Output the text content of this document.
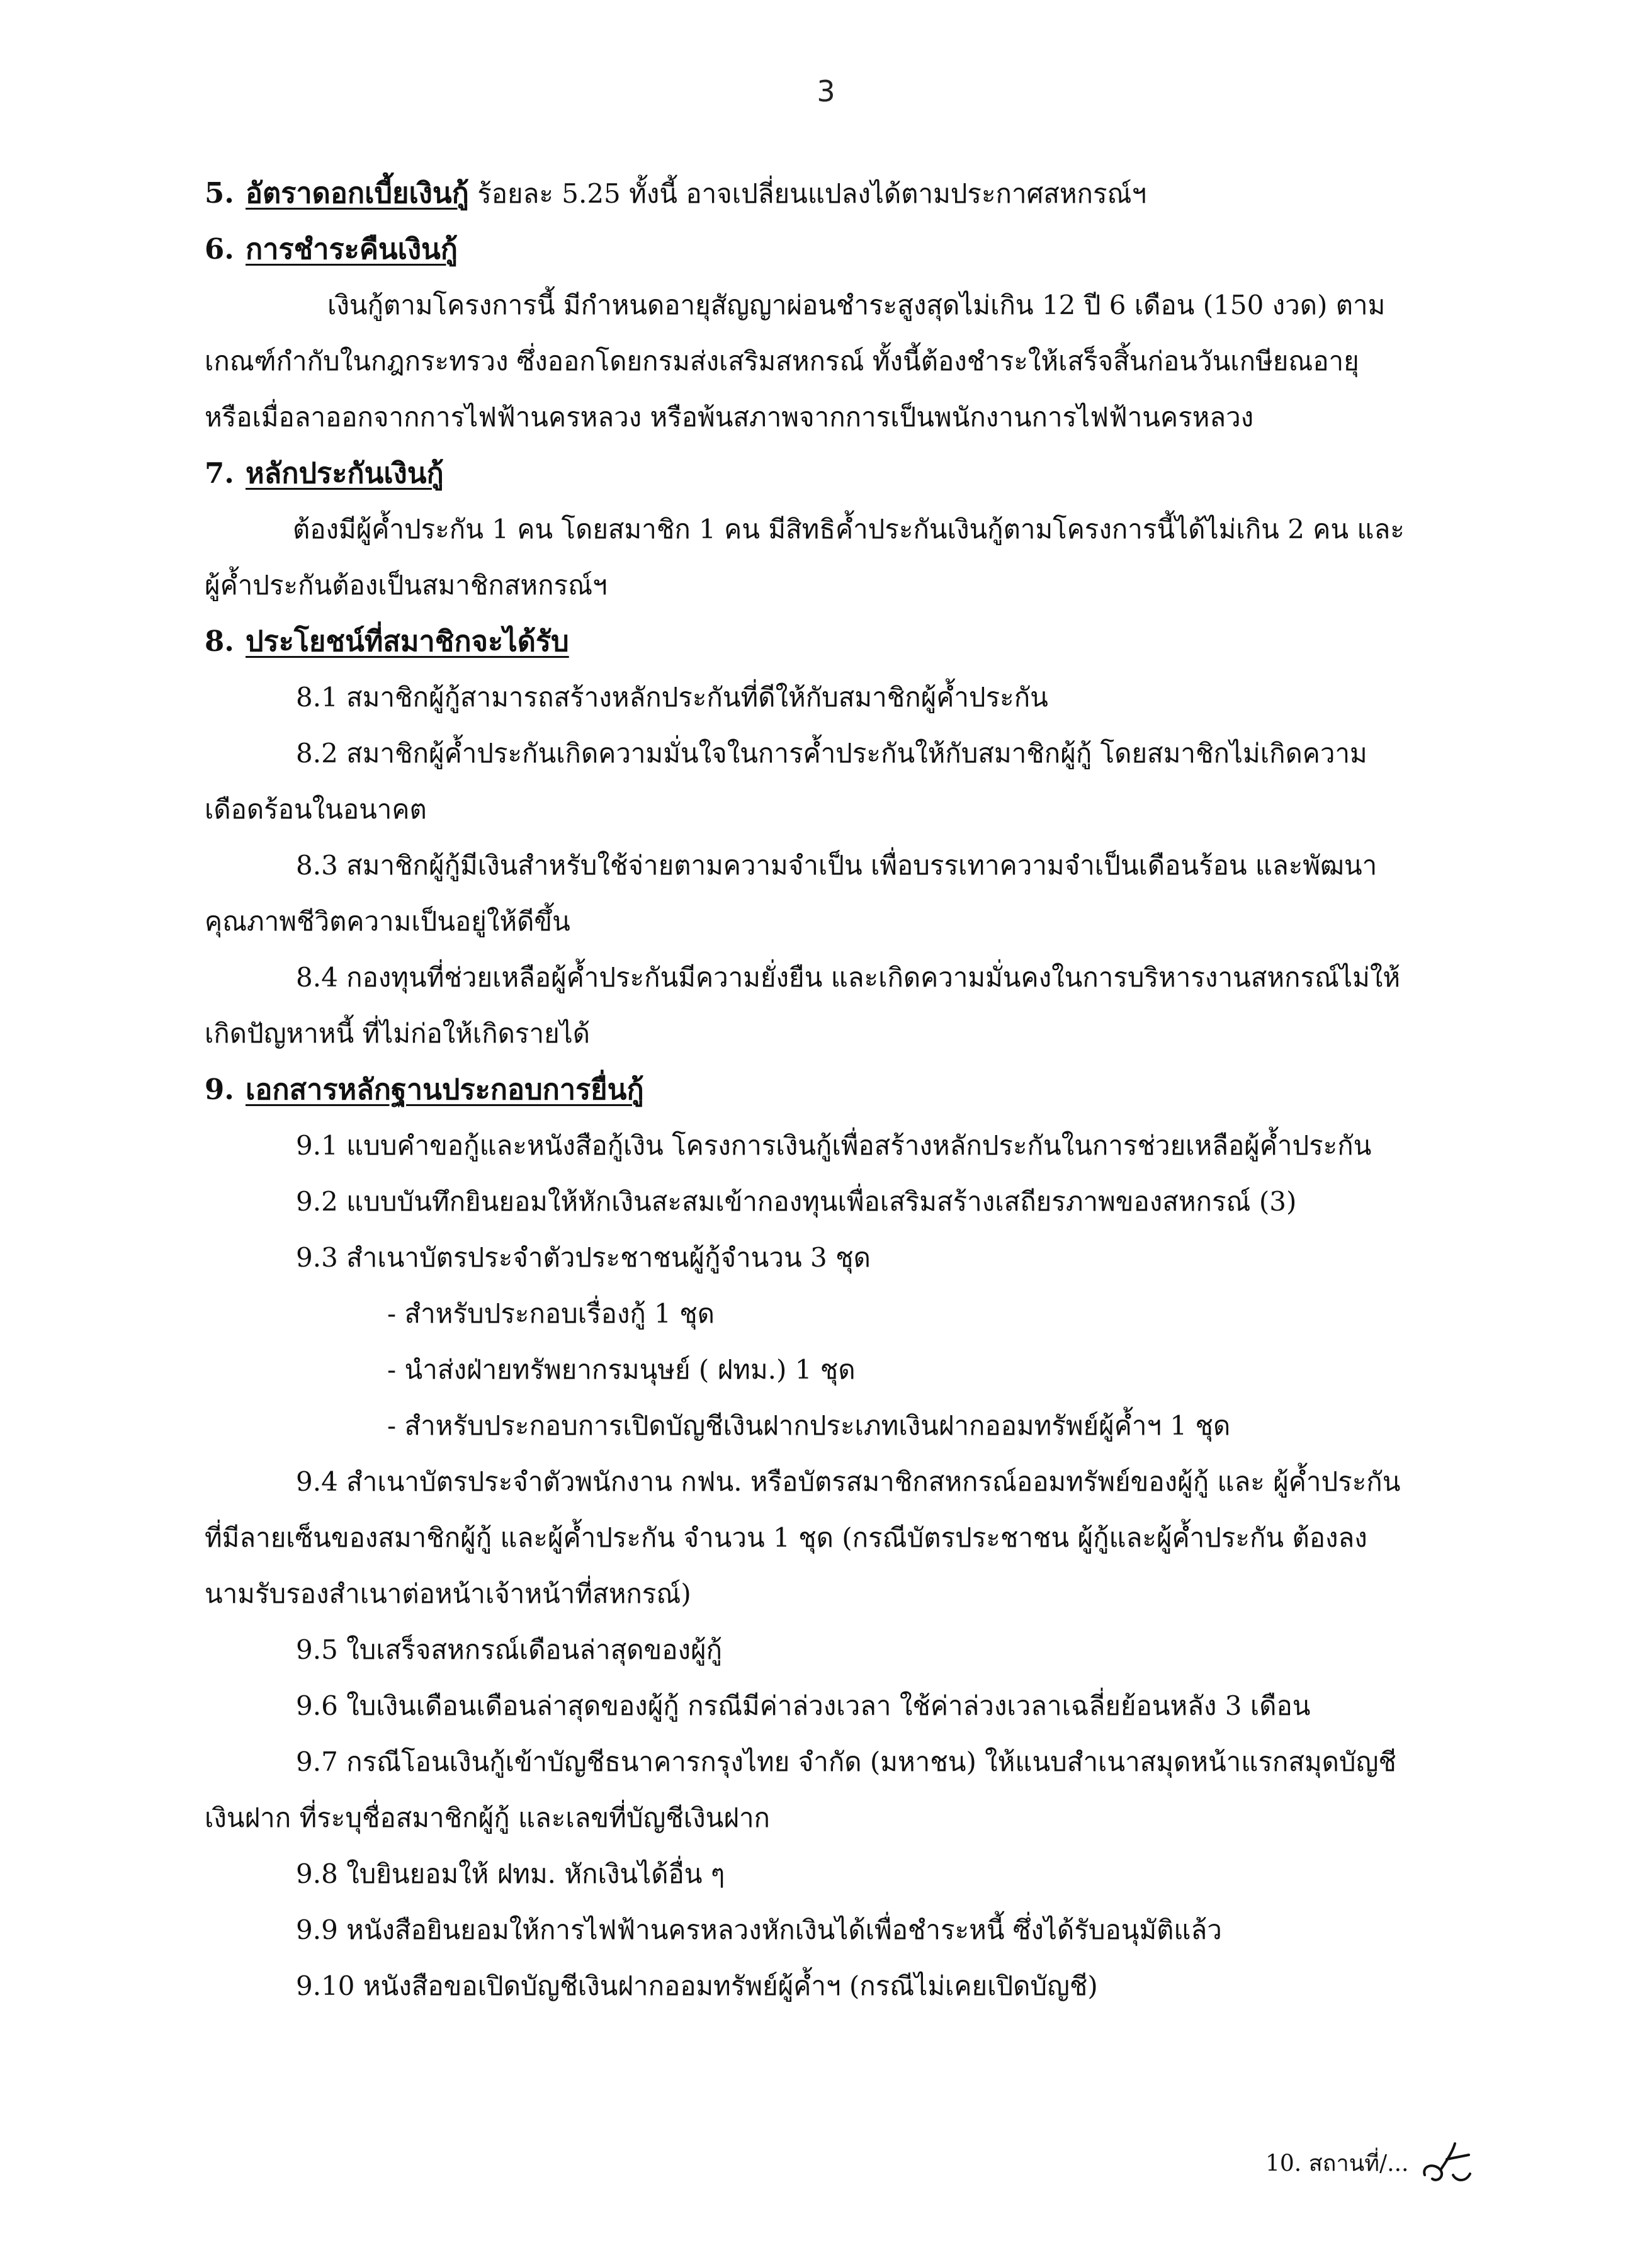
3
5. อัตราดอกเบี้ยเงินกู้ ร้อยละ 5.25 ทั้งนี้ อาจเปลี่ยนแปลงได้ตามประกาศสหกรณ์ฯ
6. การชำระคืนเงินกู้
เงินกู้ตามโครงการนี้ มีกำหนดอายุสัญญาผ่อนชำระสูงสุดไม่เกิน 12 ปี 6 เดือน (150 งวด) ตาม
เกณฑ์กำกับในกฎกระทรวง ซึ่งออกโดยกรมส่งเสริมสหกรณ์ ทั้งนี้ต้องชำระให้เสร็จสิ้นก่อนวันเกษียณอายุ
หรือเมื่อลาออกจากการไฟฟ้านครหลวง หรือพ้นสภาพจากการเป็นพนักงานการไฟฟ้านครหลวง
7. หลักประกันเงินกู้
ต้องมีผู้ค้ำประกัน 1 คน โดยสมาชิก 1 คน มีสิทธิค้ำประกันเงินกู้ตามโครงการนี้ได้ไม่เกิน 2 คน และ
ผู้ค้ำประกันต้องเป็นสมาชิกสหกรณ์ฯ
8. ประโยชน์ที่สมาชิกจะได้รับ
8.1 สมาชิกผู้กู้สามารถสร้างหลักประกันที่ดีให้กับสมาชิกผู้ค้ำประกัน
8.2 สมาชิกผู้ค้ำประกันเกิดความมั่นใจในการค้ำประกันให้กับสมาชิกผู้กู้ โดยสมาชิกไม่เกิดความ
เดือดร้อนในอนาคต
8.3 สมาชิกผู้กู้มีเงินสำหรับใช้จ่ายตามความจำเป็น เพื่อบรรเทาความจำเป็นเดือนร้อน และพัฒนา
คุณภาพชีวิตความเป็นอยู่ให้ดีขึ้น
8.4 กองทุนที่ช่วยเหลือผู้ค้ำประกันมีความยั่งยืน และเกิดความมั่นคงในการบริหารงานสหกรณ์ไม่ให้
เกิดปัญหาหนี้ ที่ไม่ก่อให้เกิดรายได้
9. เอกสารหลักฐานประกอบการยื่นกู้
9.1 แบบคำขอกู้และหนังสือกู้เงิน โครงการเงินกู้เพื่อสร้างหลักประกันในการช่วยเหลือผู้ค้ำประกัน
9.2 แบบบันทึกยินยอมให้หักเงินสะสมเข้ากองทุนเพื่อเสริมสร้างเสถียรภาพของสหกรณ์ (3)
9.3 สำเนาบัตรประจำตัวประชาชนผู้กู้จำนวน 3 ชุด
- สำหรับประกอบเรื่องกู้ 1 ชุด
- นำส่งฝ่ายทรัพยากรมนุษย์ ( ฝทม.) 1 ชุด
- สำหรับประกอบการเปิดบัญชีเงินฝากประเภทเงินฝากออมทรัพย์ผู้ค้ำฯ 1 ชุด
9.4 สำเนาบัตรประจำตัวพนักงาน กฟน. หรือบัตรสมาชิกสหกรณ์ออมทรัพย์ของผู้กู้ และ ผู้ค้ำประกัน
ที่มีลายเซ็นของสมาชิกผู้กู้ และผู้ค้ำประกัน จำนวน 1 ชุด (กรณีบัตรประชาชน ผู้กู้และผู้ค้ำประกัน ต้องลง
นามรับรองสำเนาต่อหน้าเจ้าหน้าที่สหกรณ์)
9.5 ใบเสร็จสหกรณ์เดือนล่าสุดของผู้กู้
9.6 ใบเงินเดือนเดือนล่าสุดของผู้กู้ กรณีมีค่าล่วงเวลา ใช้ค่าล่วงเวลาเฉลี่ยย้อนหลัง 3 เดือน
9.7 กรณีโอนเงินกู้เข้าบัญชีธนาคารกรุงไทย จำกัด (มหาชน) ให้แนบสำเนาสมุดหน้าแรกสมุดบัญชี
เงินฝาก ที่ระบุชื่อสมาชิกผู้กู้ และเลขที่บัญชีเงินฝาก
9.8 ใบยินยอมให้ ฝทม. หักเงินได้อื่น ๆ
9.9 หนังสือยินยอมให้การไฟฟ้านครหลวงหักเงินได้เพื่อชำระหนี้ ซึ่งได้รับอนุมัติแล้ว
9.10 หนังสือขอเปิดบัญชีเงินฝากออมทรัพย์ผู้ค้ำฯ (กรณีไม่เคยเปิดบัญชี)
10. สถานที่/...
